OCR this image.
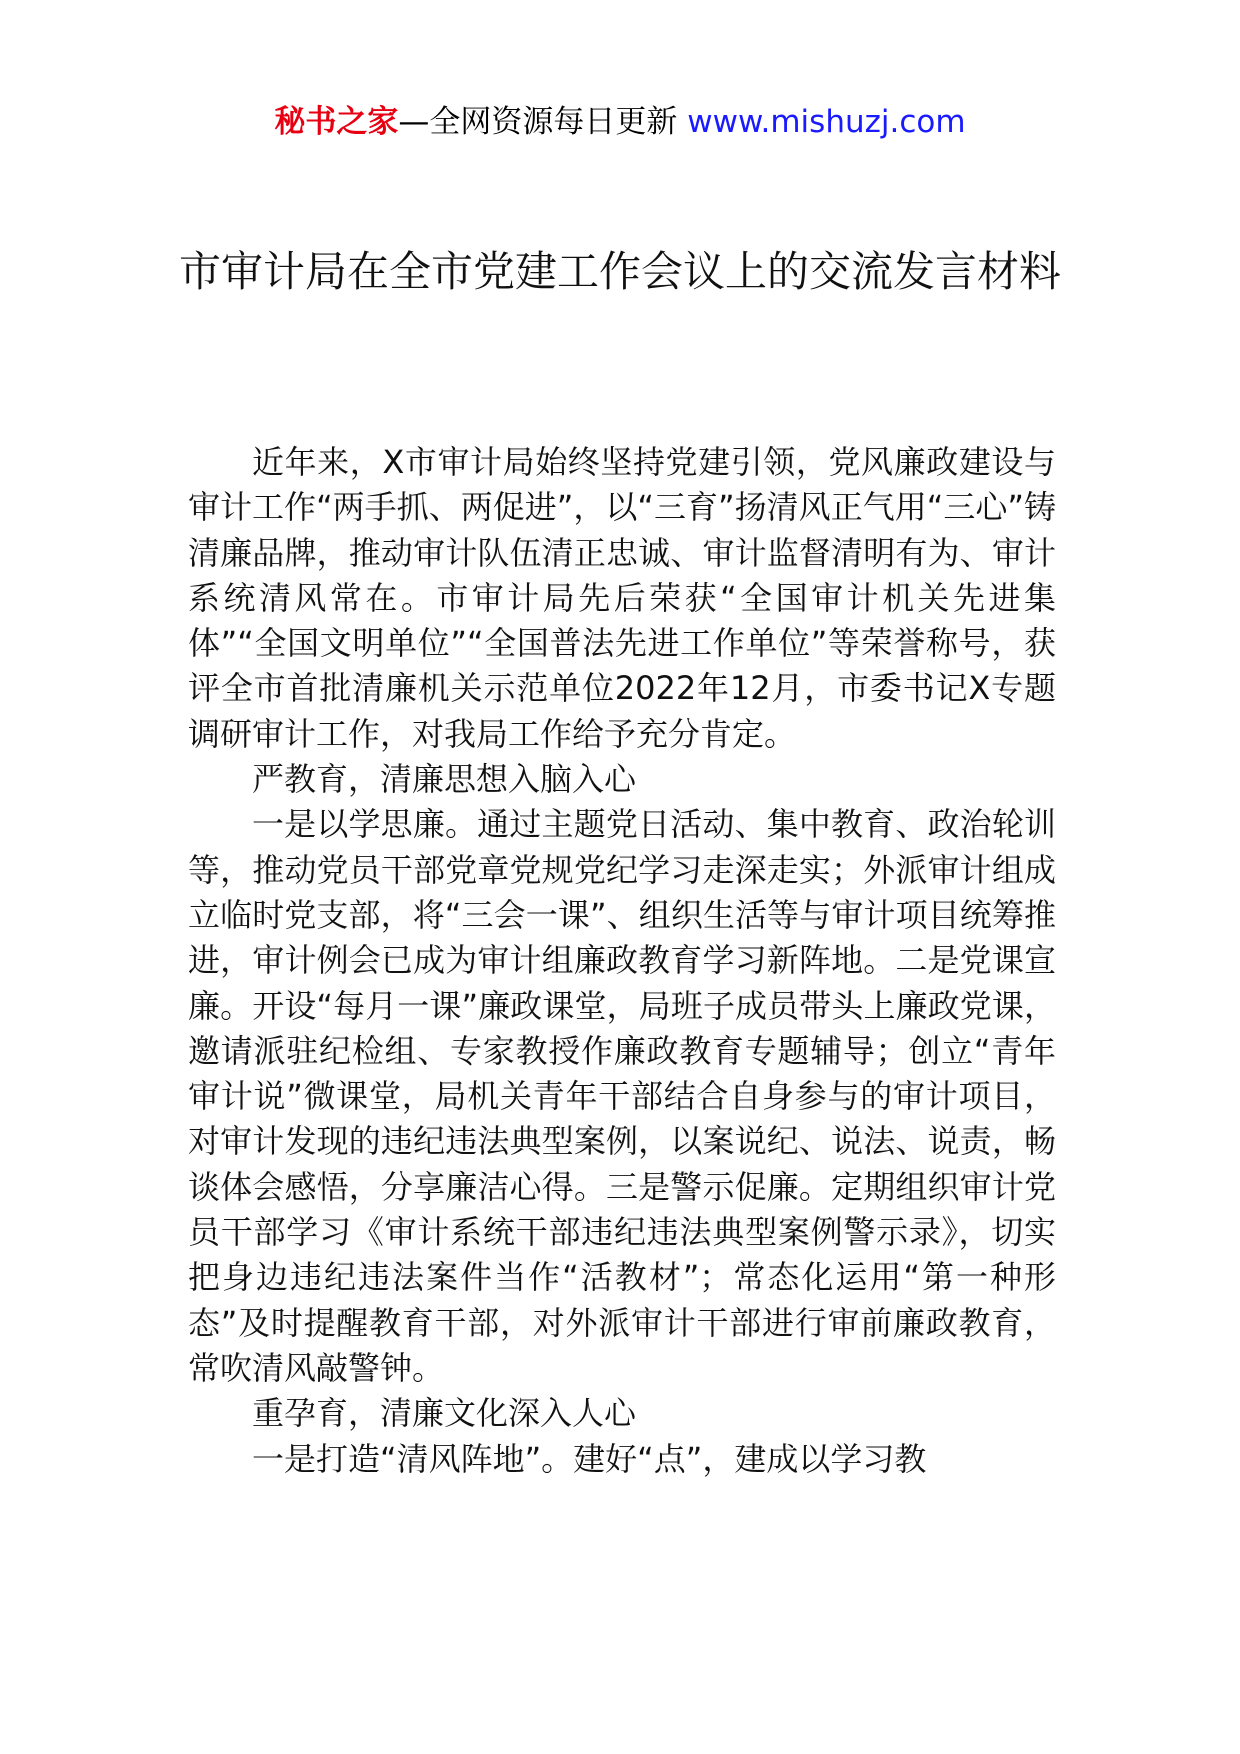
秘书之家—全网资源每日更新 www.mishuzj.com
市审计局在全市党建工作会议上的交流发言材料

近年来，X市审计局始终坚持党建引领，党风廉政建设与审计工作“两手抓、两促进”，以“三育”扬清风正气用“三心”铸清廉品牌，推动审计队伍清正忠诚、审计监督清明有为、审计系统清风常在。市审计局先后荣获“全国审计机关先进集体”“全国文明单位”“全国普法先进工作单位”等荣誉称号，获评全市首批清廉机关示范单位2022年12月，市委书记X专题调研审计工作，对我局工作给予充分肯定。

严教育，清廉思想入脑入心

一是以学思廉。通过主题党日活动、集中教育、政治轮训等，推动党员干部党章党规党纪学习走深走实；外派审计组成立临时党支部，将“三会一课”、组织生活等与审计项目统筹推进，审计例会已成为审计组廉政教育学习新阵地。二是党课宣廉。开设“每月一课”廉政课堂，局班子成员带头上廉政党课，邀请派驻纪检组、专家教授作廉政教育专题辅导；创立“青年审计说”微课堂，局机关青年干部结合自身参与的审计项目，对审计发现的违纪违法典型案例，以案说纪、说法、说责，畅谈体会感悟，分享廉洁心得。三是警示促廉。定期组织审计党员干部学习《审计系统干部违纪违法典型案例警示录》，切实把身边违纪违法案件当作“活教材”；常态化运用“第一种形态”及时提醒教育干部，对外派审计干部进行审前廉政教育，常吹清风敲警钟。

重孕育，清廉文化深入人心

一是打造“清风阵地”。建好“点”，建成以学习教
